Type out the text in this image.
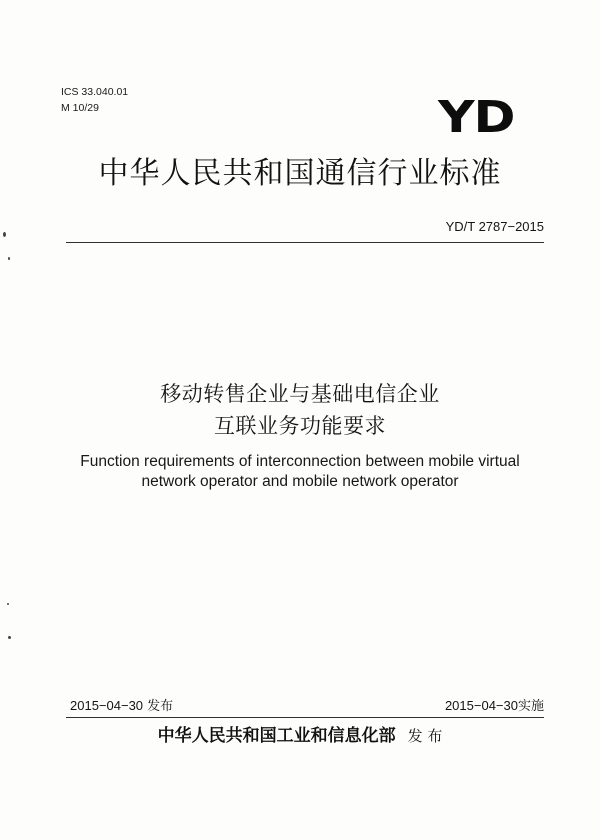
ICS 33.040.01
M 10/29	YD
中华人民共和国通信行业标准
YD/T 2787−2015
移动转售企业与基础电信企业
互联业务功能要求
Function requirements of interconnection between mobile virtual
network operator and mobile network operator
2015−04−30 发布	2015−04−30实施
中华人民共和国工业和信息化部 发 布
